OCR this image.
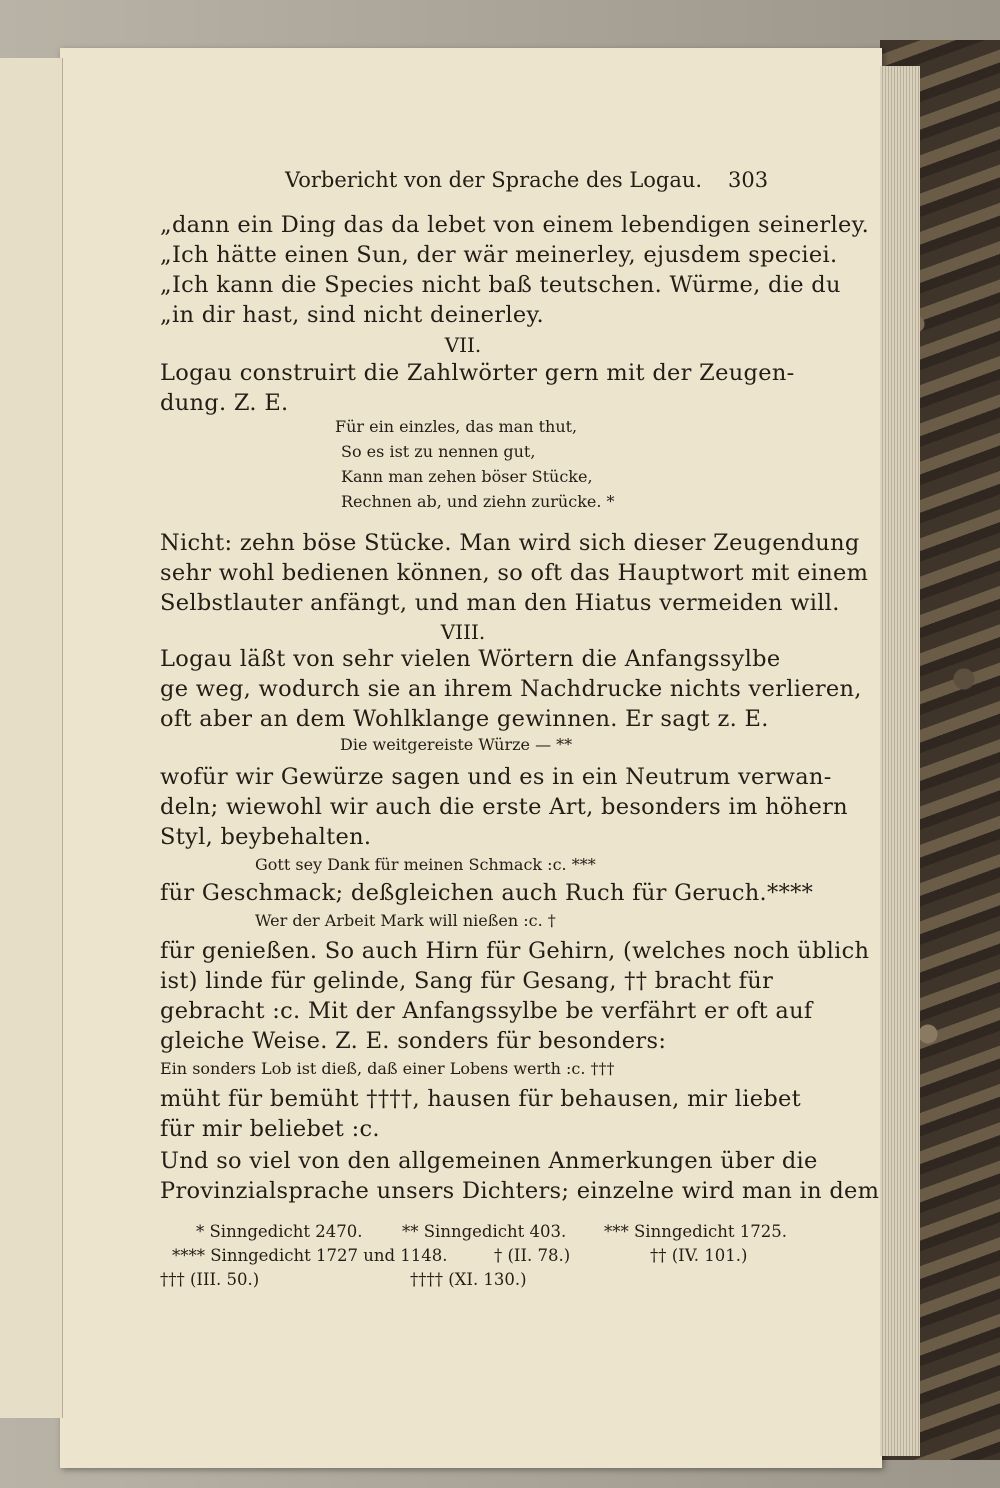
Vorbericht von der Sprache des Logau. 303
„dann ein Ding das da lebet von einem lebendigen seinerley.
„Ich hätte einen Sun, der wär meinerley, ejusdem speciei.
„Ich kann die Species nicht baß teutschen. Würme, die du
„in dir hast, sind nicht deinerley.
VII.
Logau construirt die Zahlwörter gern mit der Zeugen-
dung. Z. E.
Für ein einzles, das man thut,
So es ist zu nennen gut,
Kann man zehen böser Stücke,
Rechnen ab, und ziehn zurücke. *
Nicht: zehn böse Stücke. Man wird sich dieser Zeugendung
sehr wohl bedienen können, so oft das Hauptwort mit einem
Selbstlauter anfängt, und man den Hiatus vermeiden will.
VIII.
Logau läßt von sehr vielen Wörtern die Anfangssylbe
ge weg, wodurch sie an ihrem Nachdrucke nichts verlieren,
oft aber an dem Wohlklange gewinnen. Er sagt z. E.
Die weitgereiste Würze — **
wofür wir Gewürze sagen und es in ein Neutrum verwan-
deln; wiewohl wir auch die erste Art, besonders im höhern
Styl, beybehalten.
Gott sey Dank für meinen Schmack :c. ***
für Geschmack; deßgleichen auch Ruch für Geruch.****
Wer der Arbeit Mark will nießen :c. †
für genießen. So auch Hirn für Gehirn, (welches noch üblich
ist) linde für gelinde, Sang für Gesang, †† bracht für
gebracht :c. Mit der Anfangssylbe be verfährt er oft auf
gleiche Weise. Z. E. sonders für besonders:
Ein sonders Lob ist dieß, daß einer Lobens werth :c. †††
müht für bemüht ††††, hausen für behausen, mir liebet
für mir beliebet :c.
Und so viel von den allgemeinen Anmerkungen über die
Provinzialsprache unsers Dichters; einzelne wird man in dem
* Sinngedicht 2470. ** Sinngedicht 403. *** Sinngedicht 1725.
**** Sinngedicht 1727 und 1148.	† (II. 78.)	†† (IV. 101.)
††† (III. 50.)	†††† (XI. 130.)
